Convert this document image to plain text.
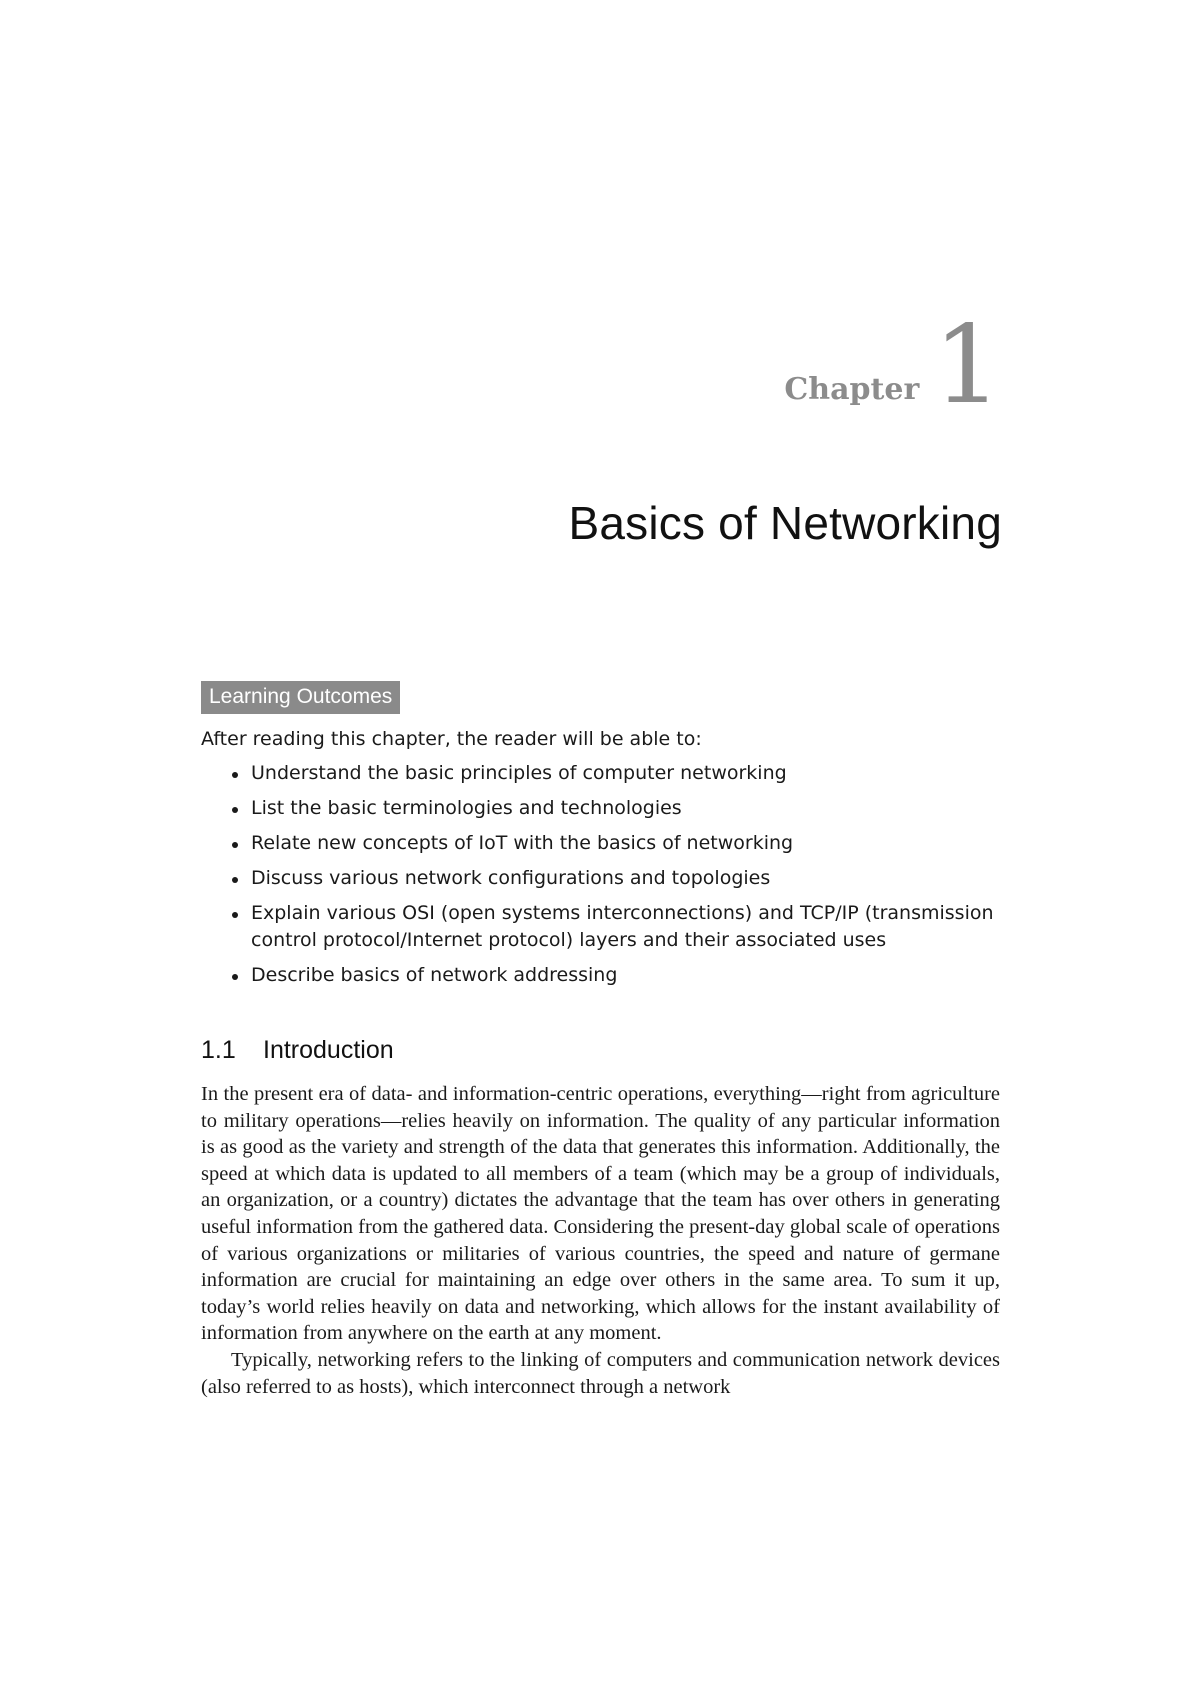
Chapter 1
Basics of Networking
Learning Outcomes
After reading this chapter, the reader will be able to:
Understand the basic principles of computer networking
List the basic terminologies and technologies
Relate new concepts of IoT with the basics of networking
Discuss various network configurations and topologies
Explain various OSI (open systems interconnections) and TCP/IP (transmission control protocol/Internet protocol) layers and their associated uses
Describe basics of network addressing
1.1 Introduction

In the present era of data- and information-centric operations, everything—right from agriculture to military operations—relies heavily on information. The quality of any particular information is as good as the variety and strength of the data that generates this information. Additionally, the speed at which data is updated to all members of a team (which may be a group of individuals, an organization, or a country) dictates the advantage that the team has over others in generating useful information from the gathered data. Considering the present-day global scale of operations of various organizations or militaries of various countries, the speed and nature of germane information are crucial for maintaining an edge over others in the same area. To sum it up, today’s world relies heavily on data and networking, which allows for the instant availability of information from anywhere on the earth at any moment.

Typically, networking refers to the linking of computers and communication network devices (also referred to as hosts), which interconnect through a network
